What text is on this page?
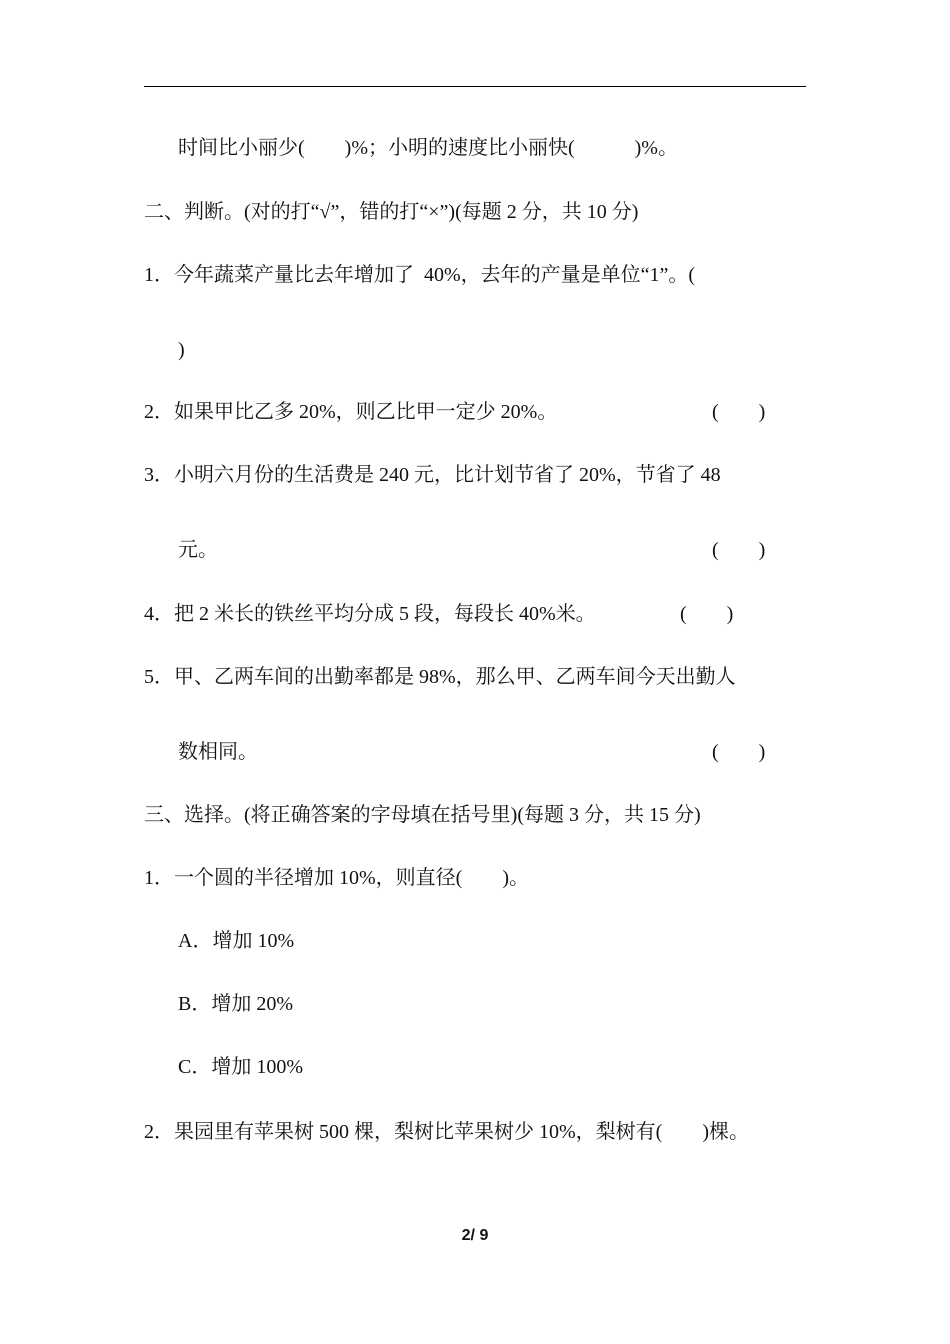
时间比小丽少(　　)%；小明的速度比小丽快(　　　)%。
二、判断。(对的打“√”，错的打“×”)(每题 2 分，共 10 分)
1．今年蔬菜产量比去年增加了  40%，去年的产量是单位“1”。(
)
2．如果甲比乙多 20%，则乙比甲一定少 20%。	(　　)
3．小明六月份的生活费是 240 元，比计划节省了 20%，节省了 48
元。	(　　)
4．把 2 米长的铁丝平均分成 5 段，每段长 40%米。	(　　)
5．甲、乙两车间的出勤率都是 98%，那么甲、乙两车间今天出勤人
数相同。	(　　)
三、选择。(将正确答案的字母填在括号里)(每题 3 分，共 15 分)
1．一个圆的半径增加 10%，则直径(　　)。
A．增加 10%
B．增加 20%
C．增加 100%
2．果园里有苹果树 500 棵，梨树比苹果树少 10%，梨树有(　　)棵。
2/ 9
